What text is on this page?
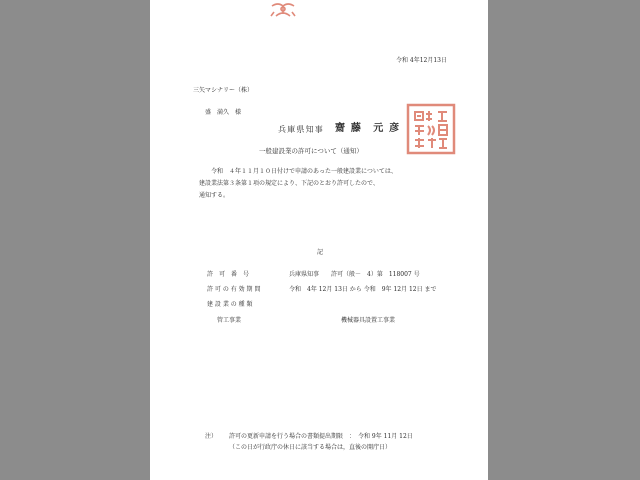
令和 4年12月13日
三矢マシナリー（株）
盛　満久　様
兵庫県知事 齋 藤　元 彦
一般建設業の許可について（通知）
令和　４年１１月１０日付けで申請のあった一般建設業については、
建設業法第３条第１項の規定により、下記のとおり許可したので、
通知する。
記
許　可　番　号	兵庫県知事　　許可（般－　4）第　118007 号
許 可 の 有 効 期 間	令和　4年 12月 13日 から 令和　9年 12月 12日 まで
建 設 業 の 種 類
管工事業	機械器具設置工事業
注） 許可の更新申請を行う場合の書類提出期限　：　令和 9年 11月 12日
（この日が行政庁の休日に該当する場合は，直後の開庁日）
